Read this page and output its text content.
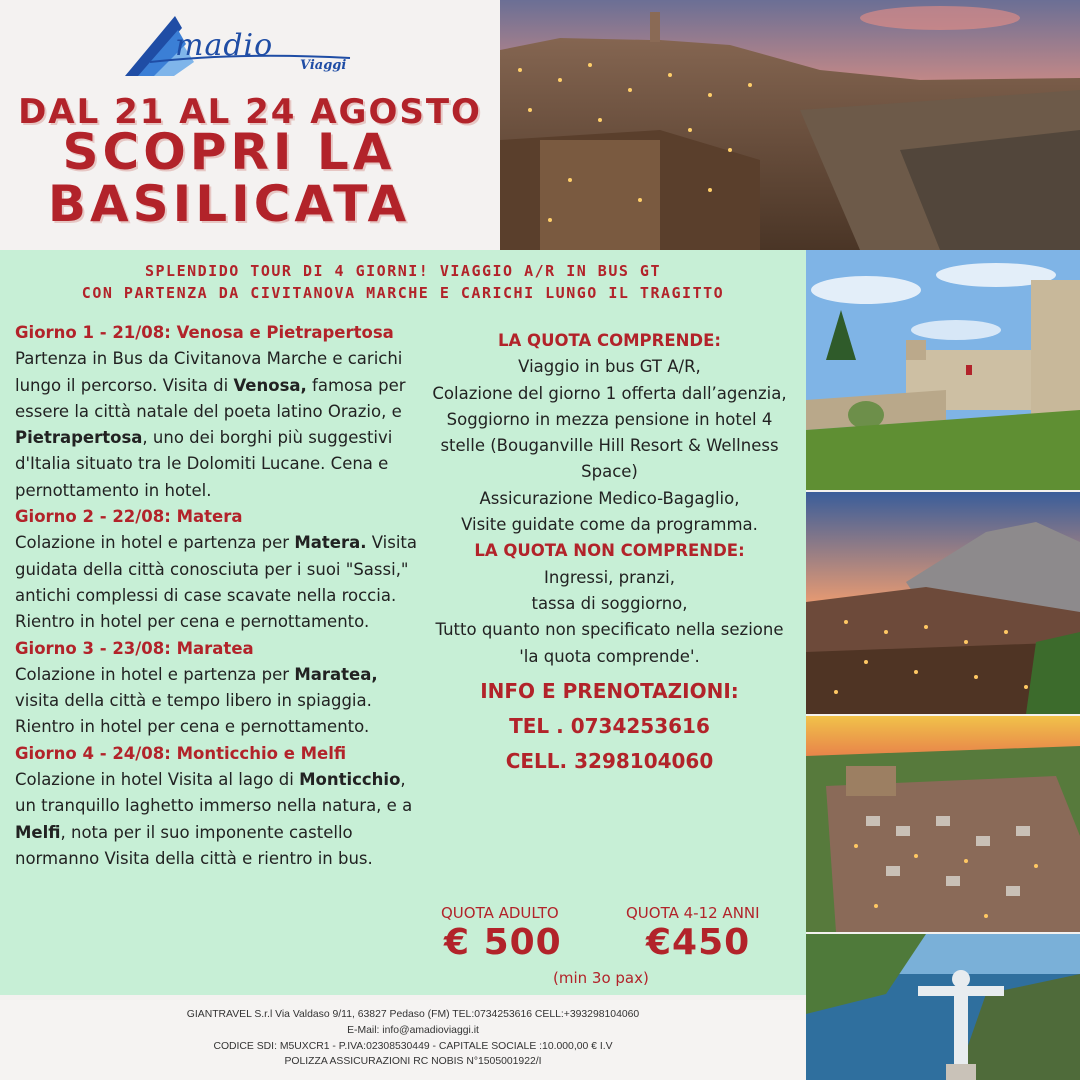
madio
Viaggi
DAL 21 AL 24 AGOSTO
SCOPRI LA
BASILICATA
SPLENDIDO TOUR DI 4 GIORNI! VIAGGIO A/R IN BUS GT
CON PARTENZA DA CIVITANOVA MARCHE E CARICHI LUNGO IL TRAGITTO

Giorno 1 - 21/08: Venosa e Pietrapertosa

Partenza in Bus da Civitanova Marche e carichi lungo il percorso. Visita di Venosa, famosa per essere la città natale del poeta latino Orazio, e Pietrapertosa, uno dei borghi più suggestivi d'Italia situato tra le Dolomiti Lucane. Cena e pernottamento in hotel.

Giorno 2 - 22/08: Matera

Colazione in hotel e partenza per Matera. Visita guidata della città conosciuta per i suoi "Sassi," antichi complessi di case scavate nella roccia. Rientro in hotel per cena e pernottamento.

Giorno 3 - 23/08: Maratea

Colazione in hotel e partenza per Maratea, visita della città e tempo libero in spiaggia. Rientro in hotel per cena e pernottamento.

Giorno 4 - 24/08: Monticchio e Melfi

Colazione in hotel Visita al lago di Monticchio, un tranquillo laghetto immerso nella natura, e a Melfi, nota per il suo imponente castello normanno Visita della città e rientro in bus.

LA QUOTA COMPRENDE:

Viaggio in bus GT A/R,

Colazione del giorno 1 offerta dall’agenzia,

Soggiorno in mezza pensione in hotel 4 stelle (Bouganville Hill Resort & Wellness Space)

Assicurazione Medico-Bagaglio,

Visite guidate come da programma.

LA QUOTA NON COMPRENDE:

Ingressi, pranzi,

tassa di soggiorno,

Tutto quanto non specificato nella sezione 'la quota comprende'.

INFO E PRENOTAZIONI:

TEL . 0734253616

CELL. 3298104060

QUOTA ADULTO
€ 500
QUOTA 4-12 ANNI
€450
(min 3o pax)
GIANTRAVEL S.r.l Via Valdaso 9/11, 63827 Pedaso (FM) TEL:0734253616 CELL:+393298104060
E-Mail: info@amadioviaggi.it
CODICE SDI: M5UXCR1 - P.IVA:02308530449 - CAPITALE SOCIALE :10.000,00 € I.V
POLIZZA ASSICURAZIONI RC NOBIS N°1505001922/I
